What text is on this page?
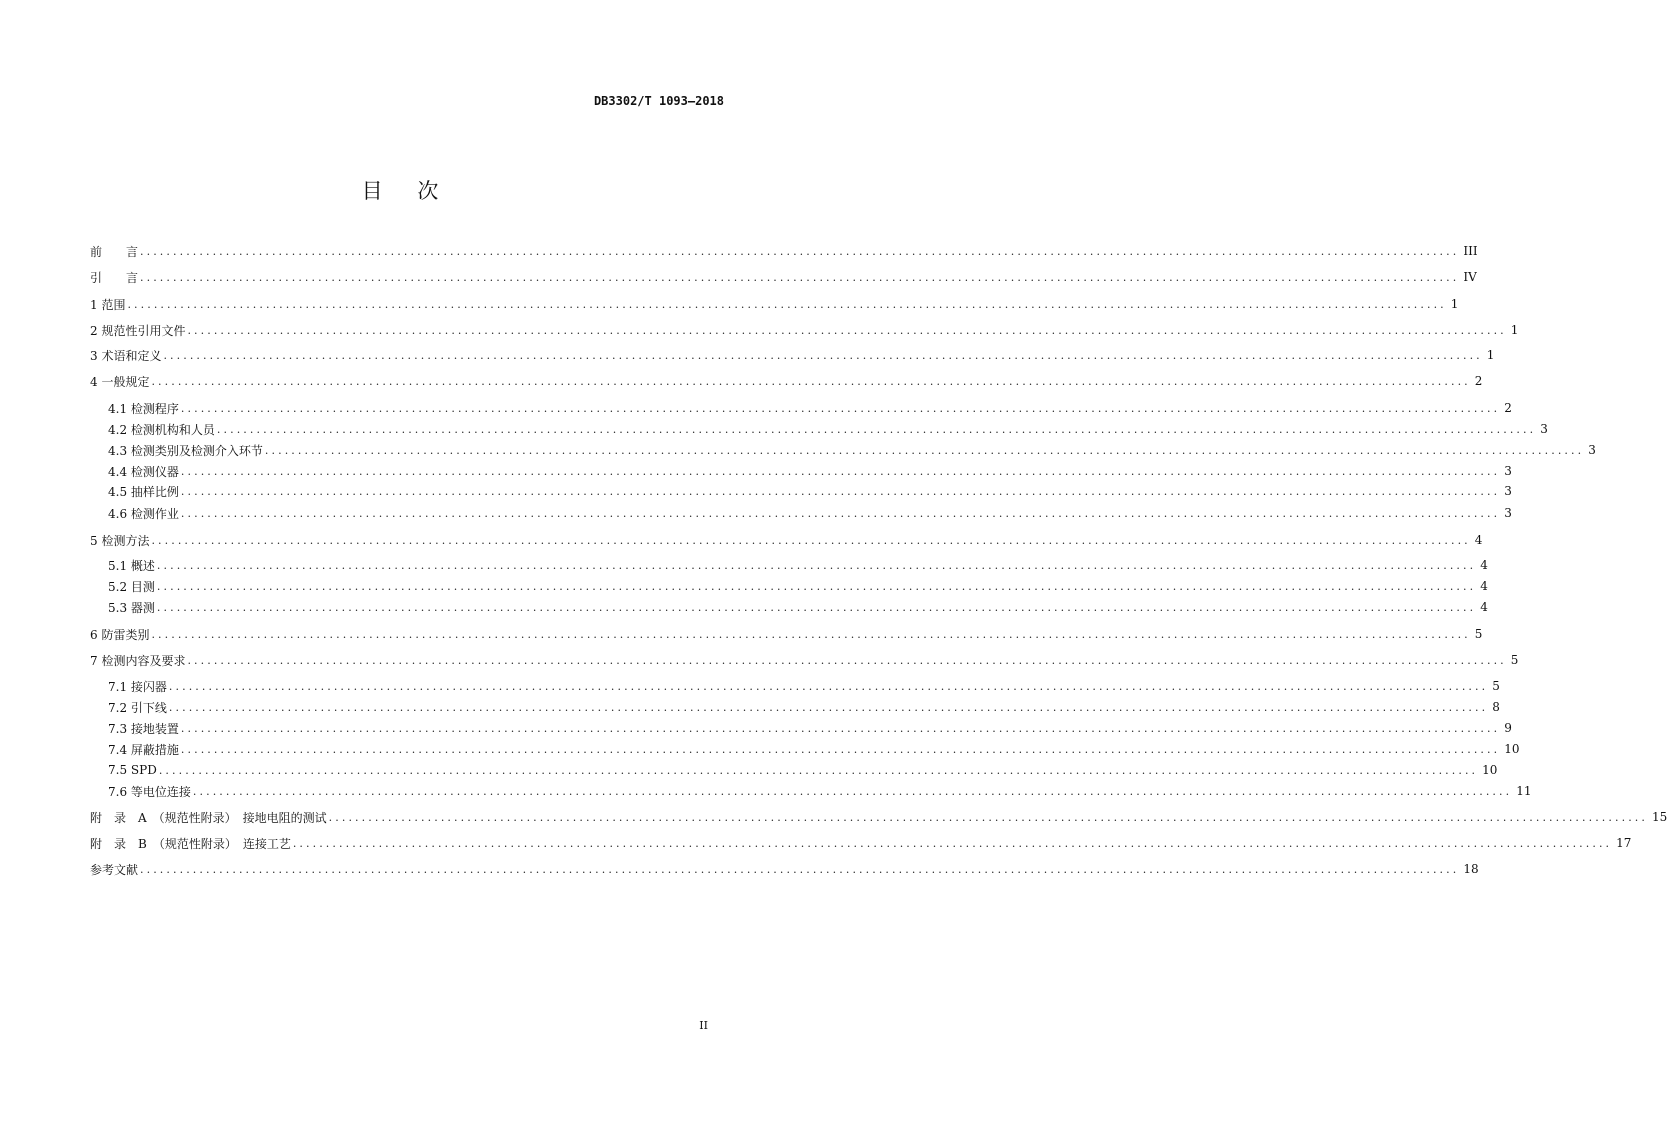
DB3302/T 1093—2018
目 次
前　　言 ........................................................................................................................................................................................................ III
引　　言 ........................................................................................................................................................................................................ IV
1 范围 ........................................................................................................................................................................................................ 1
2 规范性引用文件 ........................................................................................................................................................................................................ 1
3 术语和定义 ........................................................................................................................................................................................................ 1
4 一般规定 ........................................................................................................................................................................................................ 2
4.1 检测程序 ........................................................................................................................................................................................................ 2
4.2 检测机构和人员 ........................................................................................................................................................................................................ 3
4.3 检测类别及检测介入环节 ........................................................................................................................................................................................................ 3
4.4 检测仪器 ........................................................................................................................................................................................................ 3
4.5 抽样比例 ........................................................................................................................................................................................................ 3
4.6 检测作业 ........................................................................................................................................................................................................ 3
5 检测方法 ........................................................................................................................................................................................................ 4
5.1 概述 ........................................................................................................................................................................................................ 4
5.2 目测 ........................................................................................................................................................................................................ 4
5.3 器测 ........................................................................................................................................................................................................ 4
6 防雷类别 ........................................................................................................................................................................................................ 5
7 检测内容及要求 ........................................................................................................................................................................................................ 5
7.1 接闪器 ........................................................................................................................................................................................................ 5
7.2 引下线 ........................................................................................................................................................................................................ 8
7.3 接地装置 ........................................................................................................................................................................................................ 9
7.4 屏蔽措施 ........................................................................................................................................................................................................ 10
7.5 SPD ........................................................................................................................................................................................................ 10
7.6 等电位连接 ........................................................................................................................................................................................................ 11
附　录　A　（规范性附录）　接地电阻的测试 ........................................................................................................................................................................................................ 15
附　录　B　（规范性附录）　连接工艺 ........................................................................................................................................................................................................ 17
参考文献 ........................................................................................................................................................................................................ 18
II
